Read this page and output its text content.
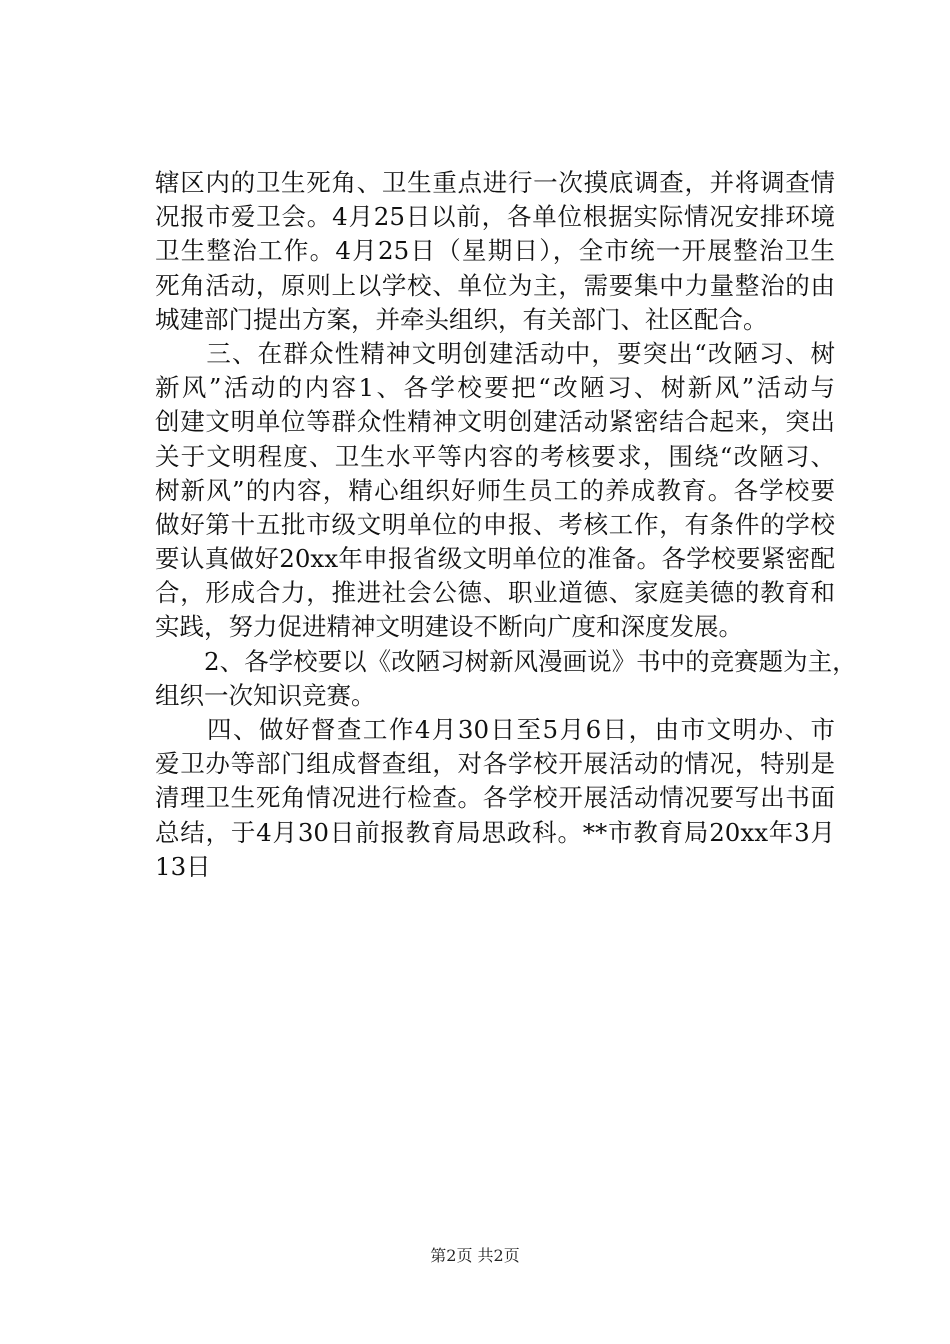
辖区内的卫生死角、卫生重点进行一次摸底调查，并将调查情
况报市爱卫会。4月25日以前，各单位根据实际情况安排环境
卫生整治工作。4月25日（星期日），全市统一开展整治卫生
死角活动，原则上以学校、单位为主，需要集中力量整治的由
城建部门提出方案，并牵头组织，有关部门、社区配合。
　　三、在群众性精神文明创建活动中，要突出“改陋习、树
新风”活动的内容1、各学校要把“改陋习、树新风”活动与
创建文明单位等群众性精神文明创建活动紧密结合起来，突出
关于文明程度、卫生水平等内容的考核要求，围绕“改陋习、
树新风”的内容，精心组织好师生员工的养成教育。各学校要
做好第十五批市级文明单位的申报、考核工作，有条件的学校
要认真做好20xx年申报省级文明单位的准备。各学校要紧密配
合，形成合力，推进社会公德、职业道德、家庭美德的教育和
实践，努力促进精神文明建设不断向广度和深度发展。
　　2、各学校要以《改陋习树新风漫画说》书中的竞赛题为主，
组织一次知识竞赛。
　　四、做好督查工作4月30日至5月6日，由市文明办、市
爱卫办等部门组成督查组，对各学校开展活动的情况，特别是
清理卫生死角情况进行检查。各学校开展活动情况要写出书面
总结，于4月30日前报教育局思政科。**市教育局20xx年3月
13日
第2页 共2页
